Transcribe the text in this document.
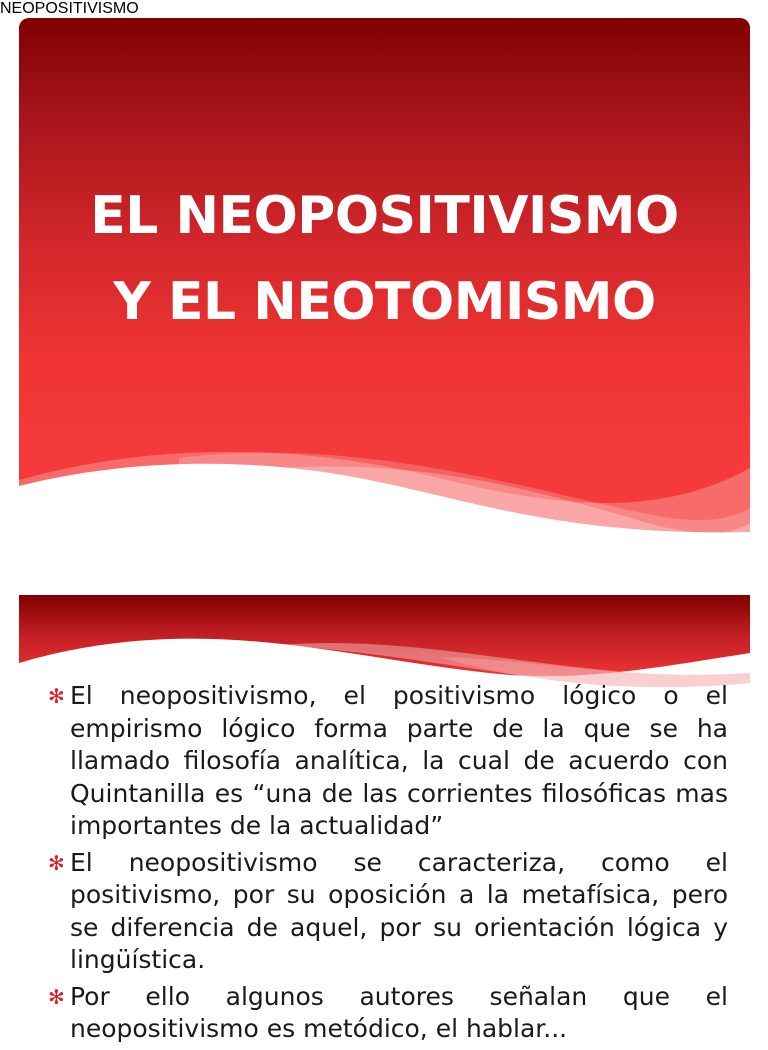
EL NEOPOSITIVISMO
Y EL NEOTOMISMO
NEOPOSITIVISMO
✻ El neopositivismo, el positivismo lógico o el empirismo lógico forma parte de la que se ha llamado filosofía analítica, la cual de acuerdo con Quintanilla es “una de las corrientes filosóficas mas importantes de la actualidad”
✻ El neopositivismo se caracteriza, como el positivismo, por su oposición a la metafísica, pero se diferencia de aquel, por su orientación lógica y lingüística.
✻ Por ello algunos autores señalan que el neopositivismo es metódico, el hablar...
